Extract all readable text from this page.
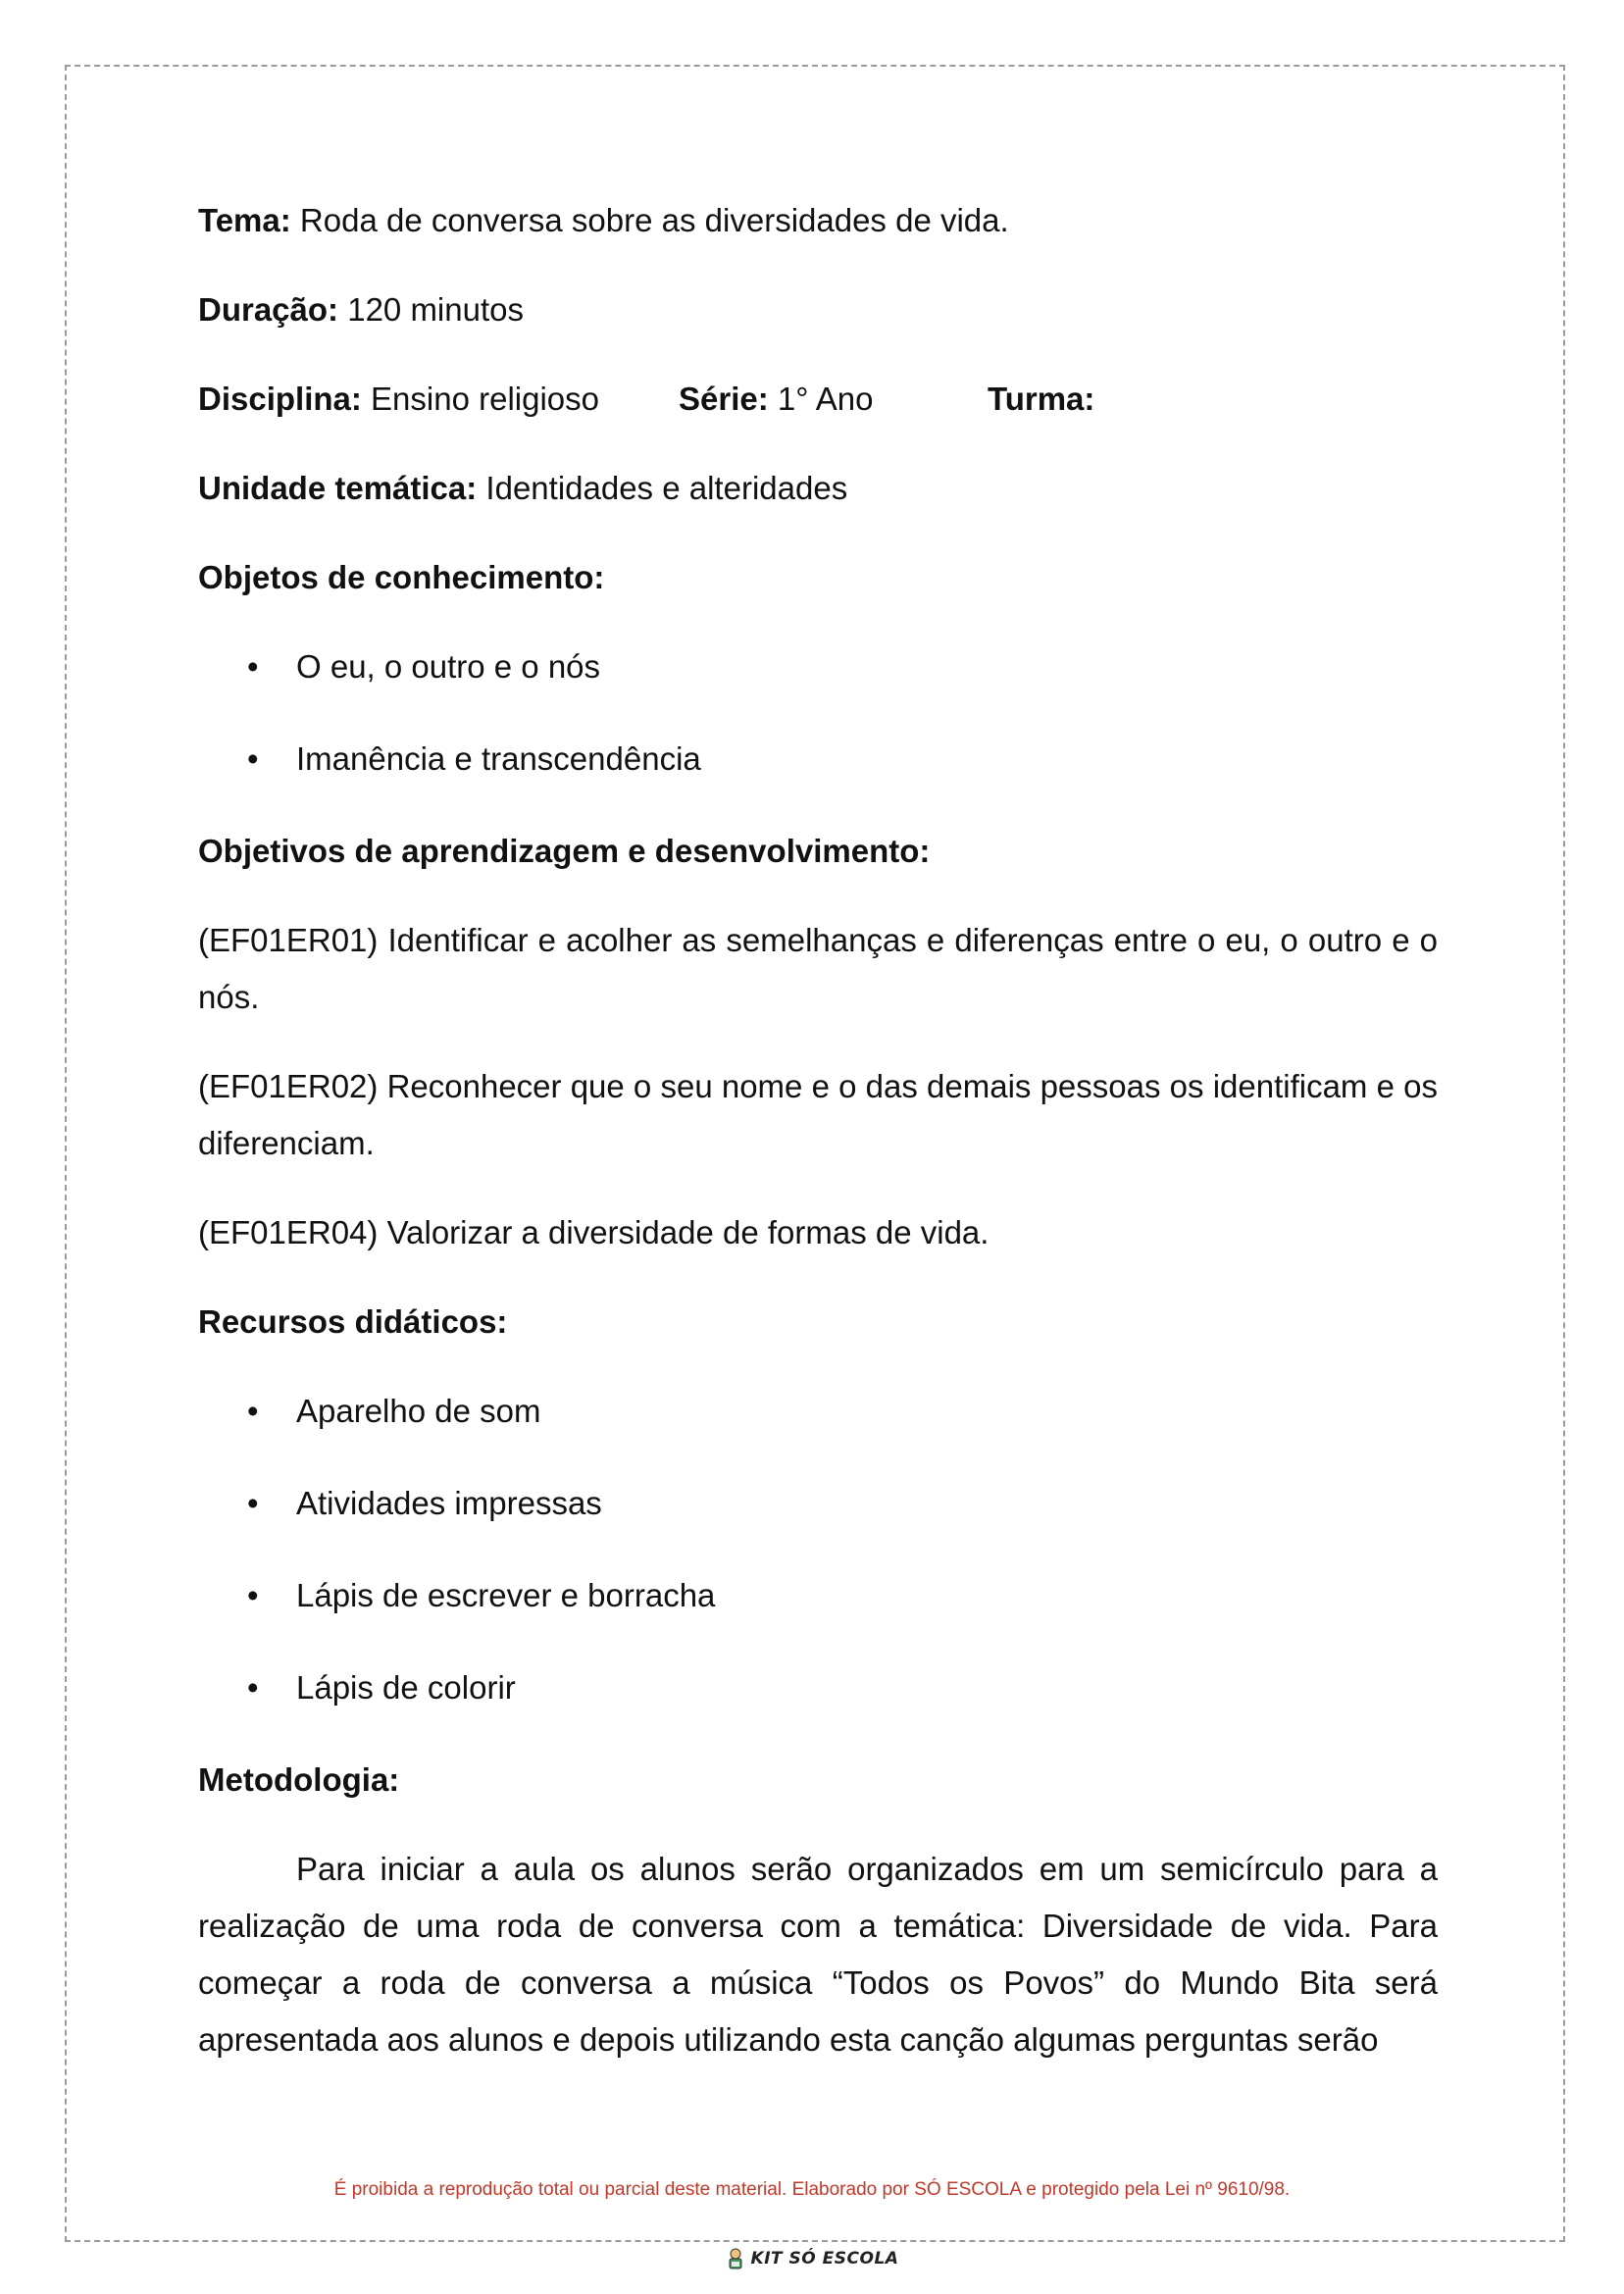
Tema: Roda de conversa sobre as diversidades de vida.
Duração: 120 minutos
Disciplina: Ensino religioso	Série: 1° Ano	Turma:
Unidade temática: Identidades e alteridades
Objetos de conhecimento:
• O eu, o outro e o nós
• Imanência e transcendência
Objetivos de aprendizagem e desenvolvimento:
(EF01ER01) Identificar e acolher as semelhanças e diferenças entre o eu, o outro e o nós.
(EF01ER02) Reconhecer que o seu nome e o das demais pessoas os identificam e os diferenciam.
(EF01ER04) Valorizar a diversidade de formas de vida.
Recursos didáticos:
• Aparelho de som
• Atividades impressas
• Lápis de escrever e borracha
• Lápis de colorir
Metodologia:
Para iniciar a aula os alunos serão organizados em um semicírculo para a realização de uma roda de conversa com a temática: Diversidade de vida. Para começar a roda de conversa a música “Todos os Povos” do Mundo Bita será apresentada aos alunos e depois utilizando esta canção algumas perguntas serão
É proibida a reprodução total ou parcial deste material. Elaborado por SÓ ESCOLA e protegido pela Lei nº 9610/98.
KIT SÓ ESCOLA
